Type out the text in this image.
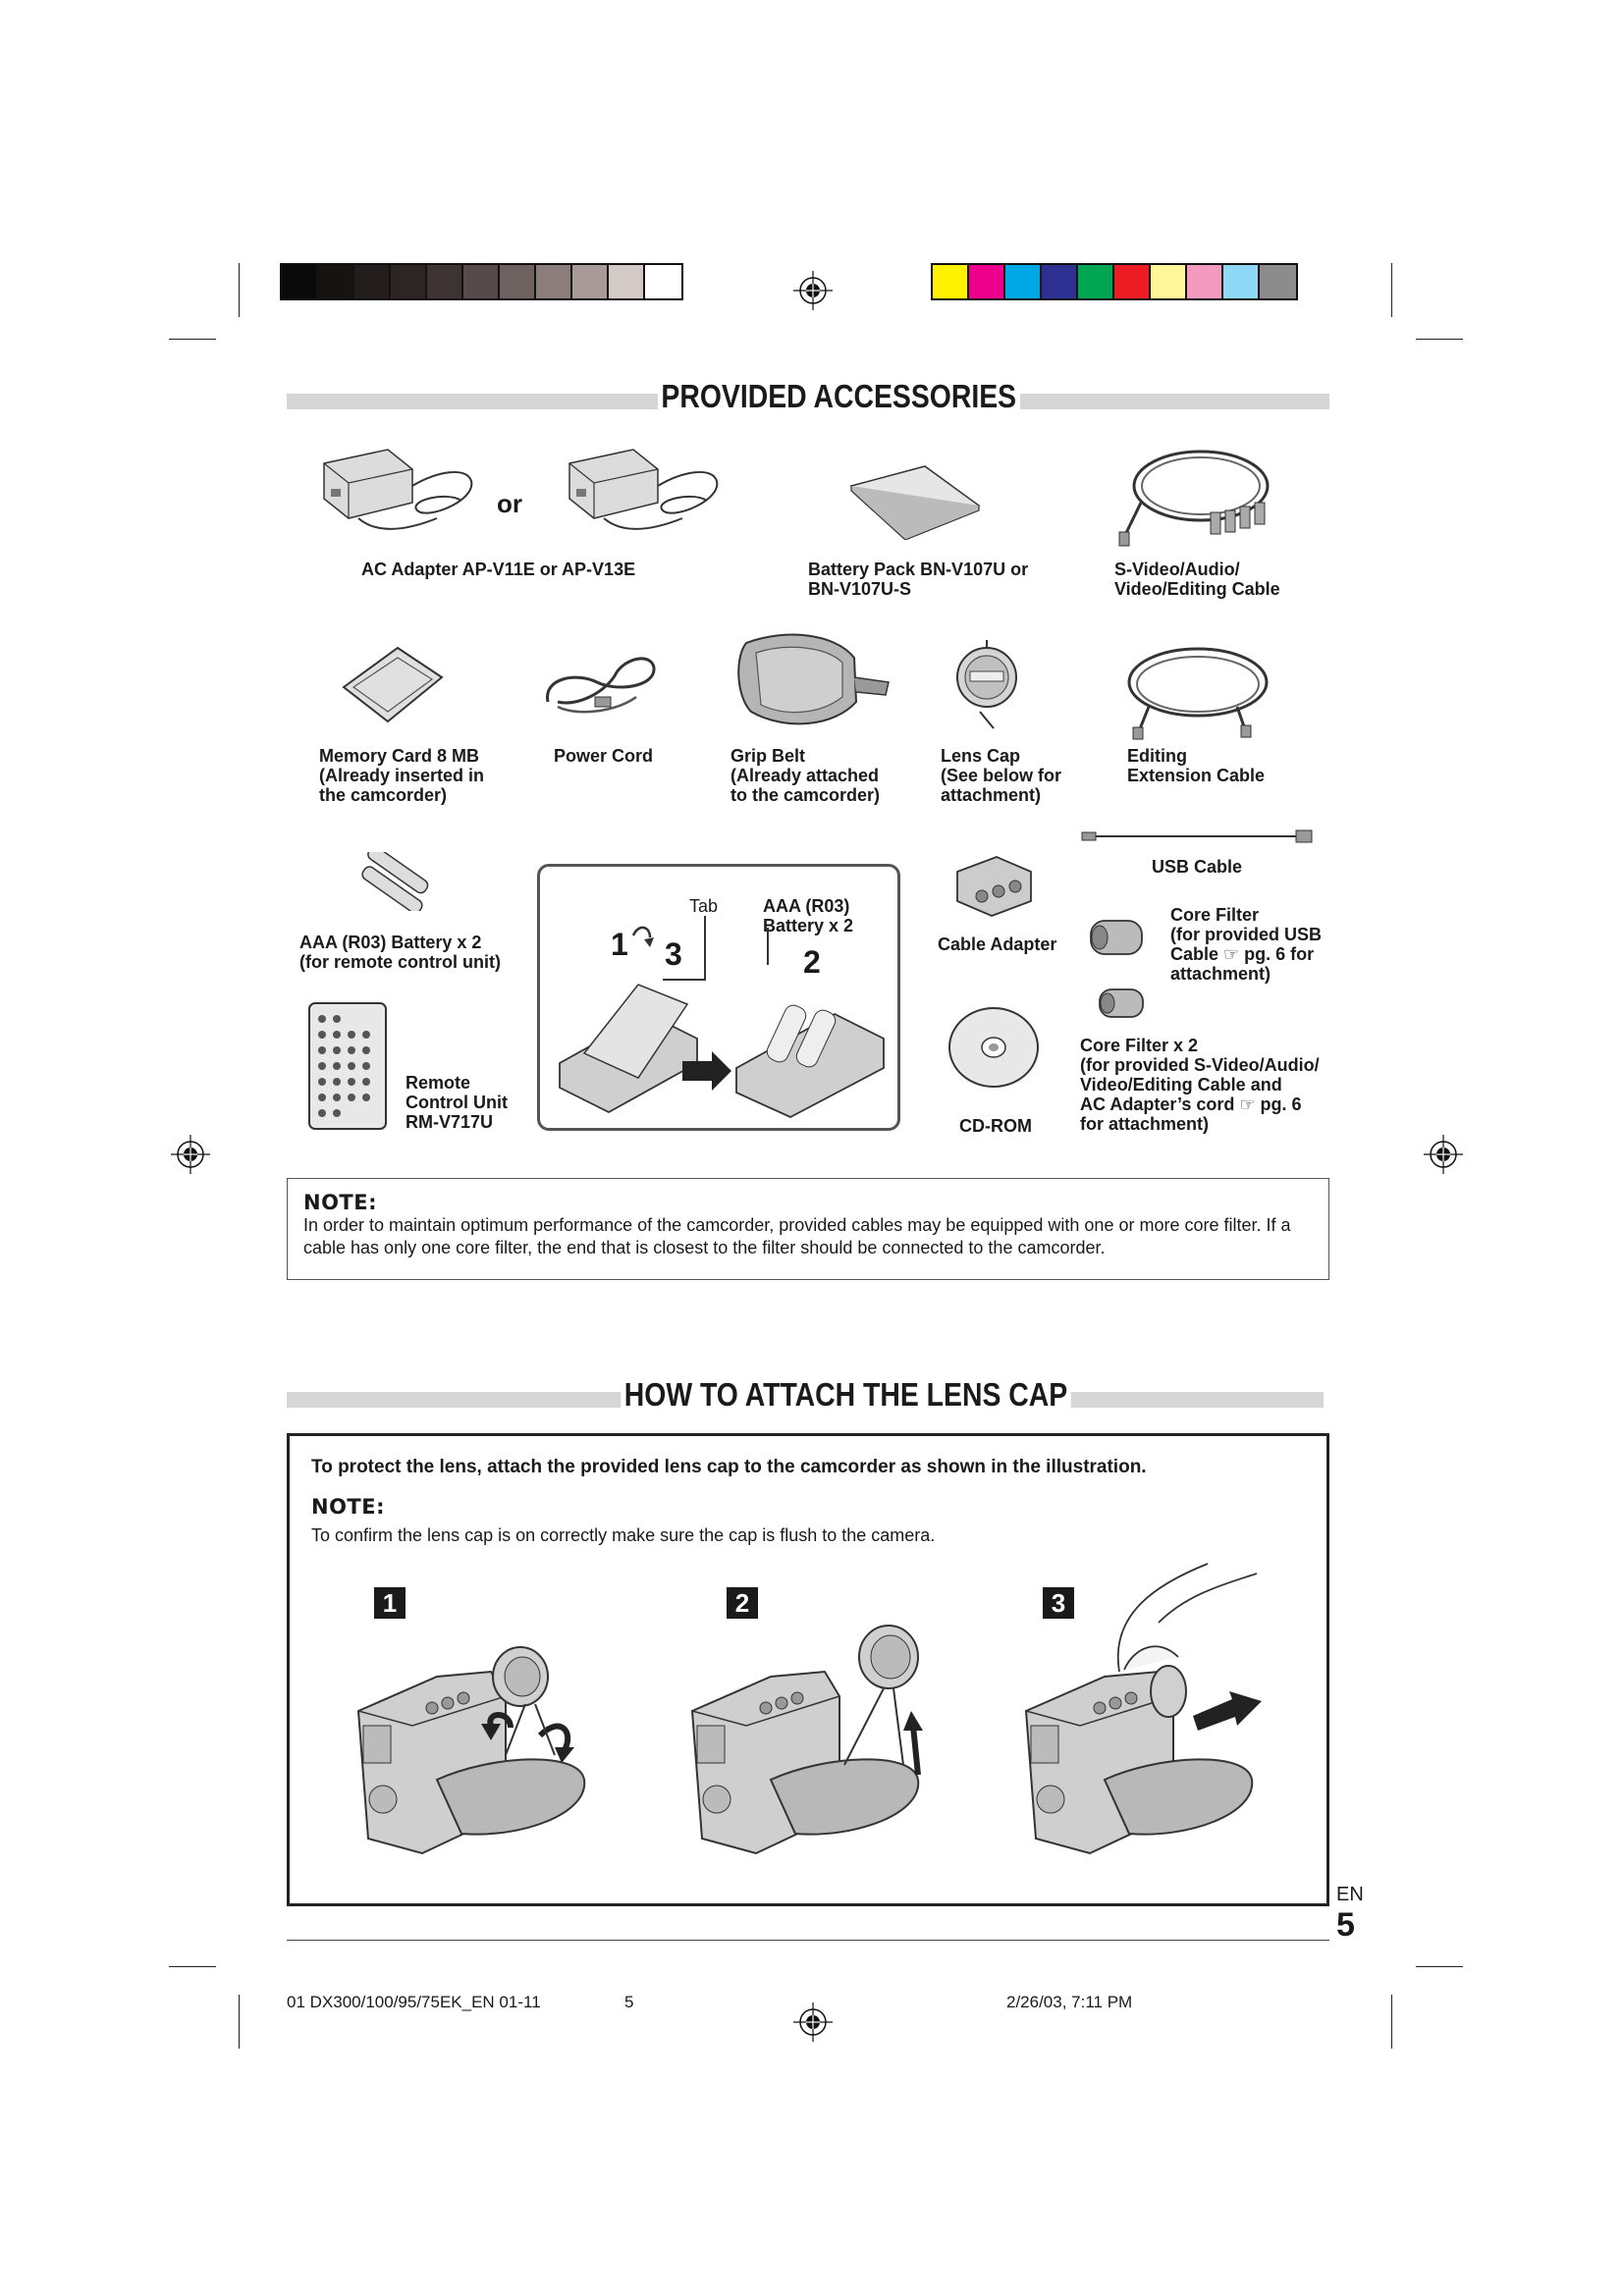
PROVIDED ACCESSORIES
or
AC Adapter AP-V11E or AP-V13E	Battery Pack BN-V107U or
BN-V107U-S
S-Video/Audio/
Video/Editing Cable
Memory Card 8 MB
(Already inserted in
the camcorder)
Power Cord	Grip Belt
(Already attached
to the camcorder)
Lens Cap
(See below for
attachment)
Editing
Extension Cable
AAA (R03) Battery x 2
(for remote control unit)
Remote
Control Unit
RM-V717U
Tab	AAA (R03)
Battery x 2
1 3	2	Cable Adapter
CD-ROM
USB Cable
Core Filter
(for provided USB
Cable ☞ pg. 6 for
attachment)
Core Filter x 2
(for provided S-Video/Audio/
Video/Editing Cable and
AC Adapter’s cord ☞ pg. 6
for attachment)
NOTE:
In order to maintain optimum performance of the camcorder, provided cables may be equipped with one or more core filter. If a cable has only one core filter, the end that is closest to the filter should be connected to the camcorder.
HOW TO ATTACH THE LENS CAP
To protect the lens, attach the provided lens cap to the camcorder as shown in the illustration.
NOTE:
To confirm the lens cap is on correctly make sure the cap is flush to the camera.
1	2	3
EN
5
01 DX300/100/95/75EK_EN 01-11	5	2/26/03, 7:11 PM
